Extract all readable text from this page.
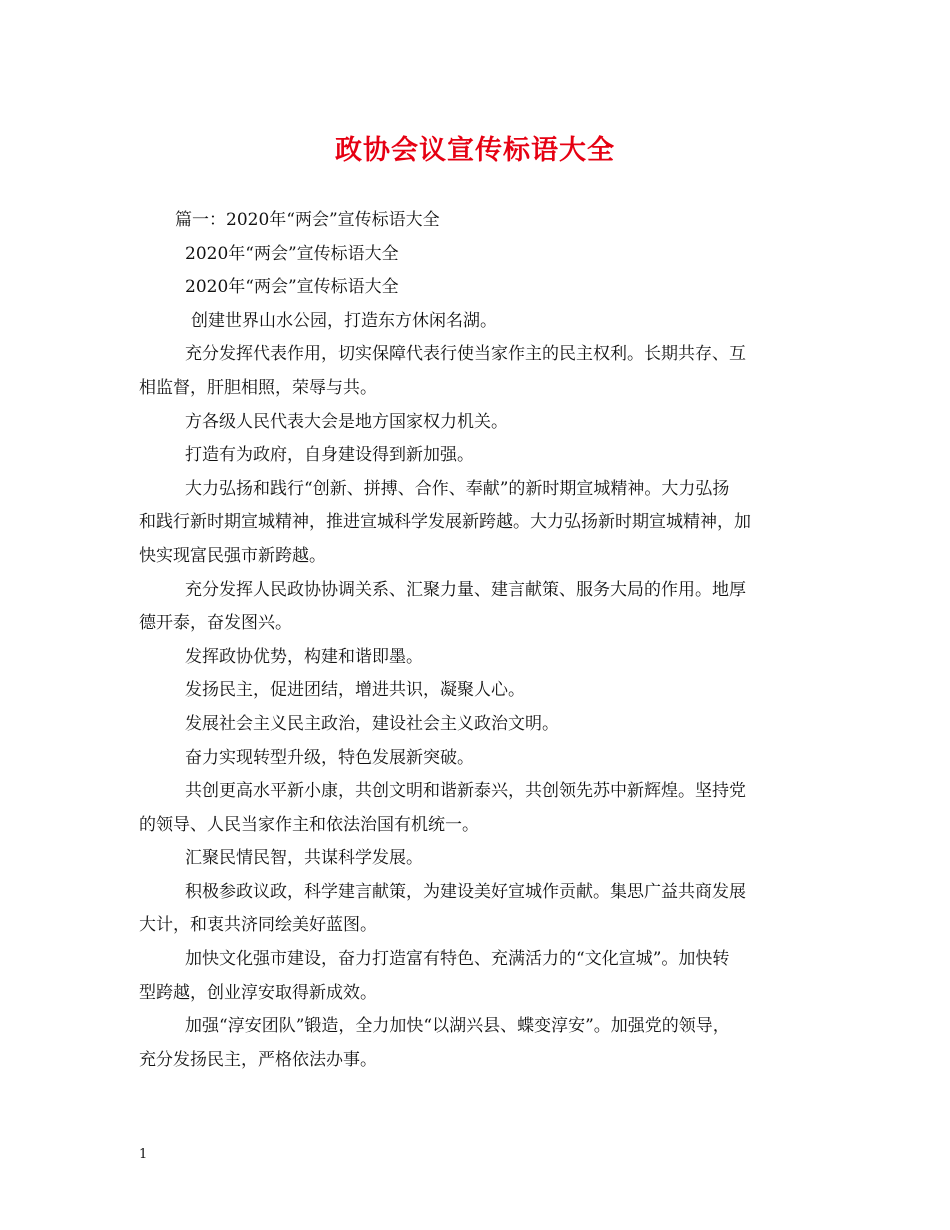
政协会议宣传标语大全
篇一：2020年“两会”宣传标语大全
2020年“两会”宣传标语大全
2020年“两会”宣传标语大全
创建世界山水公园，打造东方休闲名湖。
充分发挥代表作用，切实保障代表行使当家作主的民主权利。长期共存、互
相监督，肝胆相照，荣辱与共。
方各级人民代表大会是地方国家权力机关。
打造有为政府，自身建设得到新加强。
大力弘扬和践行“创新、拼搏、合作、奉献”的新时期宣城精神。大力弘扬
和践行新时期宣城精神，推进宣城科学发展新跨越。大力弘扬新时期宣城精神，加
快实现富民强市新跨越。
充分发挥人民政协协调关系、汇聚力量、建言献策、服务大局的作用。地厚
德开泰，奋发图兴。
发挥政协优势，构建和谐即墨。
发扬民主，促进团结，增进共识，凝聚人心。
发展社会主义民主政治，建设社会主义政治文明。
奋力实现转型升级，特色发展新突破。
共创更高水平新小康，共创文明和谐新泰兴，共创领先苏中新辉煌。坚持党
的领导、人民当家作主和依法治国有机统一。
汇聚民情民智，共谋科学发展。
积极参政议政，科学建言献策，为建设美好宣城作贡献。集思广益共商发展
大计，和衷共济同绘美好蓝图。
加快文化强市建设，奋力打造富有特色、充满活力的“文化宣城”。加快转
型跨越，创业淳安取得新成效。
加强“淳安团队”锻造，全力加快“以湖兴县、蝶变淳安”。加强党的领导，
充分发扬民主，严格依法办事。
1
